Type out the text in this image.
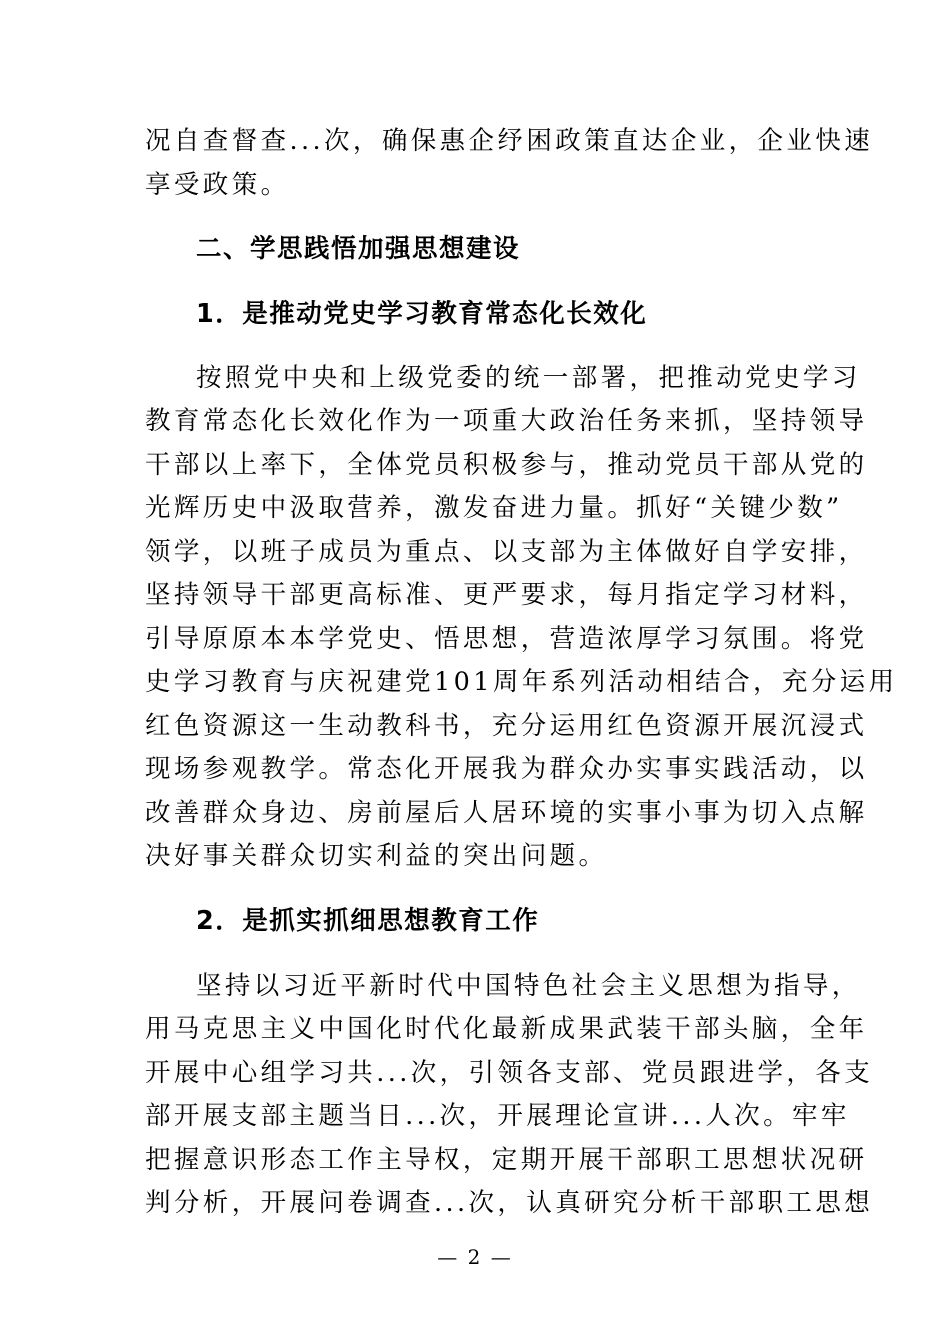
况自查督查...次，确保惠企纾困政策直达企业，企业快速
享受政策。
二、学思践悟加强思想建设
1．是推动党史学习教育常态化长效化
按照党中央和上级党委的统一部署，把推动党史学习
教育常态化长效化作为一项重大政治任务来抓，坚持领导
干部以上率下，全体党员积极参与，推动党员干部从党的
光辉历史中汲取营养，激发奋进力量。抓好“关键少数”
领学，以班子成员为重点、以支部为主体做好自学安排，
坚持领导干部更高标准、更严要求，每月指定学习材料，
引导原原本本学党史、悟思想，营造浓厚学习氛围。将党
史学习教育与庆祝建党101周年系列活动相结合，充分运用
红色资源这一生动教科书，充分运用红色资源开展沉浸式
现场参观教学。常态化开展我为群众办实事实践活动，以
改善群众身边、房前屋后人居环境的实事小事为切入点解
决好事关群众切实利益的突出问题。
2．是抓实抓细思想教育工作
坚持以习近平新时代中国特色社会主义思想为指导，
用马克思主义中国化时代化最新成果武装干部头脑，全年
开展中心组学习共...次，引领各支部、党员跟进学，各支
部开展支部主题当日...次，开展理论宣讲...人次。牢牢
把握意识形态工作主导权，定期开展干部职工思想状况研
判分析，开展问卷调查...次，认真研究分析干部职工思想
— 2 —
